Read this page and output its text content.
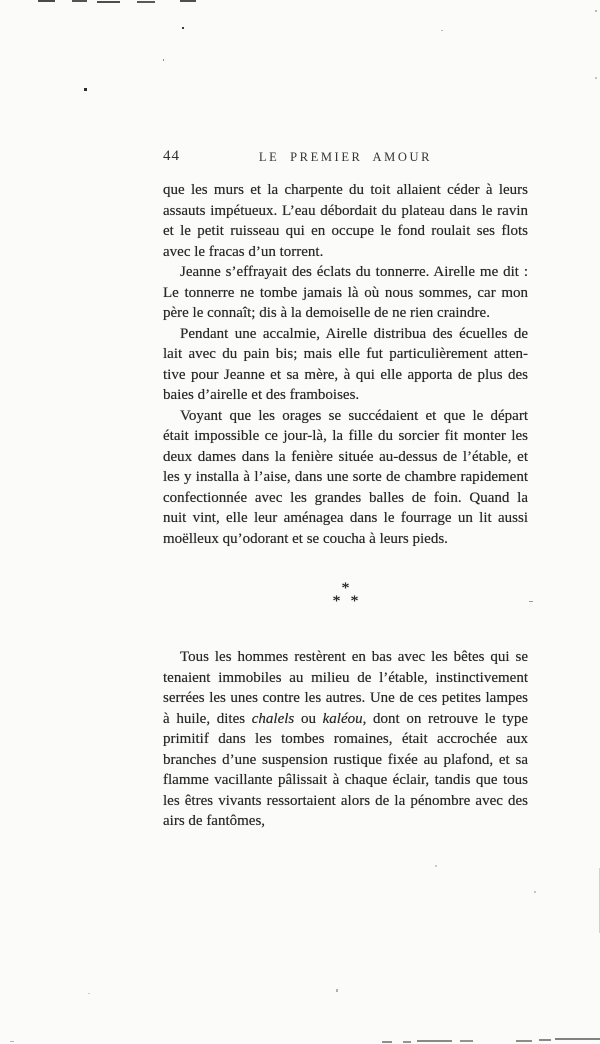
44	LE PREMIER AMOUR
que les murs et la charpente du toit allaient céder à leurs
assauts impétueux. L’eau débordait du plateau dans le ravin
et le petit ruisseau qui en occupe le fond roulait ses flots
avec le fracas d’un torrent.
Jeanne s’effrayait des éclats du tonnerre. Airelle me dit :
Le tonnerre ne tombe jamais là où nous sommes, car mon
père le connaît; dis à la demoiselle de ne rien craindre.
Pendant une accalmie, Airelle distribua des écuelles de
lait avec du pain bis; mais elle fut particulièrement atten-
tive pour Jeanne et sa mère, à qui elle apporta de plus des
baies d’airelle et des framboises.
Voyant que les orages se succédaient et que le départ
était impossible ce jour-là, la fille du sorcier fit monter les
deux dames dans la fenière située au-dessus de l’étable, et
les y installa à l’aise, dans une sorte de chambre rapidement
confectionnée avec les grandes balles de foin. Quand la
nuit vint, elle leur aménagea dans le fourrage un lit aussi
moëlleux qu’odorant et se coucha à leurs pieds.
*
* *
Tous les hommes restèrent en bas avec les bêtes qui se
tenaient immobiles au milieu de l’étable, instinctivement
serrées les unes contre les autres. Une de ces petites lampes
à huile, dites chalels ou kaléou, dont on retrouve le type
primitif dans les tombes romaines, était accrochée aux
branches d’une suspension rustique fixée au plafond, et sa
flamme vacillante pâlissait à chaque éclair, tandis que tous
les êtres vivants ressortaient alors de la pénombre avec des
airs de fantômes,
